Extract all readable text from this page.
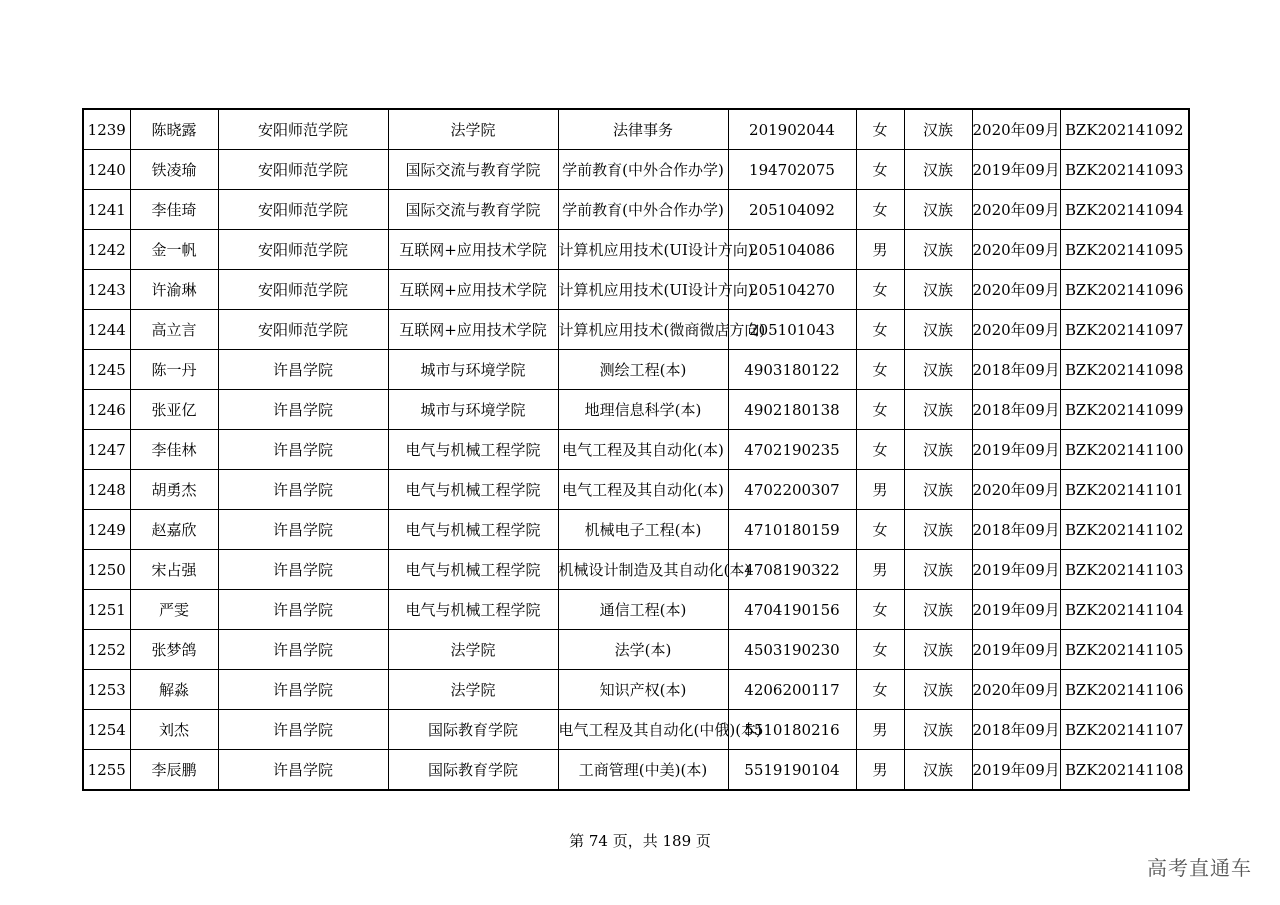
1239	陈晓露	安阳师范学院	法学院	法律事务	201902044	女	汉族	2020年09月	BZK202141092
1240	铁凌瑜	安阳师范学院	国际交流与教育学院	学前教育(中外合作办学)	194702075	女	汉族	2019年09月	BZK202141093
1241	李佳琦	安阳师范学院	国际交流与教育学院	学前教育(中外合作办学)	205104092	女	汉族	2020年09月	BZK202141094
1242	金一帆	安阳师范学院	互联网+应用技术学院	计算机应用技术(UI设计方向)	205104086	男	汉族	2020年09月	BZK202141095
1243	许渝琳	安阳师范学院	互联网+应用技术学院	计算机应用技术(UI设计方向)	205104270	女	汉族	2020年09月	BZK202141096
1244	高立言	安阳师范学院	互联网+应用技术学院	计算机应用技术(微商微店方向)	205101043	女	汉族	2020年09月	BZK202141097
1245	陈一丹	许昌学院	城市与环境学院	测绘工程(本)	4903180122	女	汉族	2018年09月	BZK202141098
1246	张亚亿	许昌学院	城市与环境学院	地理信息科学(本)	4902180138	女	汉族	2018年09月	BZK202141099
1247	李佳林	许昌学院	电气与机械工程学院	电气工程及其自动化(本)	4702190235	女	汉族	2019年09月	BZK202141100
1248	胡勇杰	许昌学院	电气与机械工程学院	电气工程及其自动化(本)	4702200307	男	汉族	2020年09月	BZK202141101
1249	赵嘉欣	许昌学院	电气与机械工程学院	机械电子工程(本)	4710180159	女	汉族	2018年09月	BZK202141102
1250	宋占强	许昌学院	电气与机械工程学院	机械设计制造及其自动化(本)	4708190322	男	汉族	2019年09月	BZK202141103
1251	严雯	许昌学院	电气与机械工程学院	通信工程(本)	4704190156	女	汉族	2019年09月	BZK202141104
1252	张梦鸽	许昌学院	法学院	法学(本)	4503190230	女	汉族	2019年09月	BZK202141105
1253	解淼	许昌学院	法学院	知识产权(本)	4206200117	女	汉族	2020年09月	BZK202141106
1254	刘杰	许昌学院	国际教育学院	电气工程及其自动化(中俄)(本)	5510180216	男	汉族	2018年09月	BZK202141107
1255	李辰鹏	许昌学院	国际教育学院	工商管理(中美)(本)	5519190104	男	汉族	2019年09月	BZK202141108
第 74 页，共 189 页
高考直通车
